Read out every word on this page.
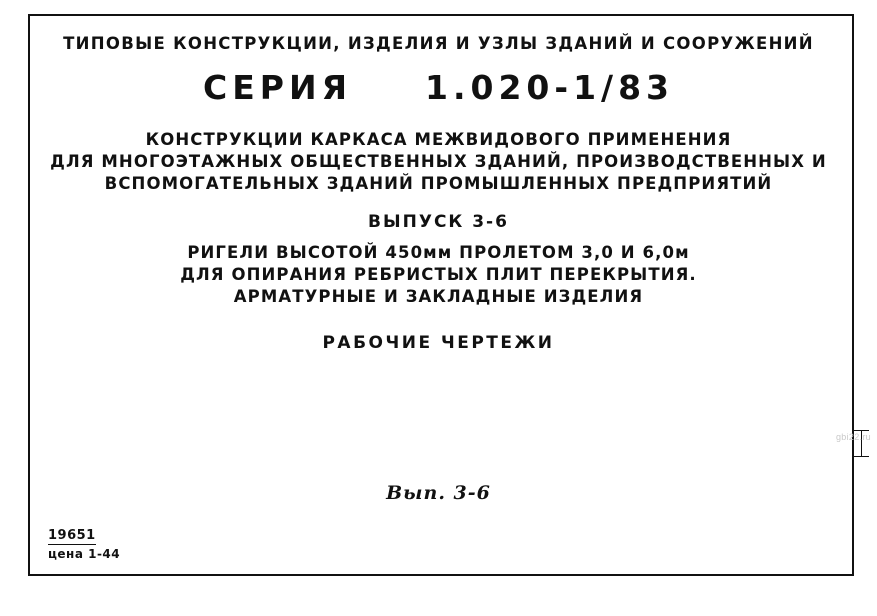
ТИПОВЫЕ КОНСТРУКЦИИ, ИЗДЕЛИЯ И УЗЛЫ ЗДАНИЙ И СООРУЖЕНИЙ
СЕРИЯ 1.020-1/83
КОНСТРУКЦИИ КАРКАСА МЕЖВИДОВОГО ПРИМЕНЕНИЯ
ДЛЯ МНОГОЭТАЖНЫХ ОБЩЕСТВЕННЫХ ЗДАНИЙ, ПРОИЗВОДСТВЕННЫХ И
ВСПОМОГАТЕЛЬНЫХ ЗДАНИЙ ПРОМЫШЛЕННЫХ ПРЕДПРИЯТИЙ
ВЫПУСК 3-6
РИГЕЛИ ВЫСОТОЙ 450мм ПРОЛЕТОМ 3,0 И 6,0м
ДЛЯ ОПИРАНИЯ РЕБРИСТЫХ ПЛИТ ПЕРЕКРЫТИЯ.
АРМАТУРНЫЕ И ЗАКЛАДНЫЕ ИЗДЕЛИЯ
РАБОЧИЕ ЧЕРТЕЖИ
Вып. 3-6
19651
цена 1-44
gbi22.ru
